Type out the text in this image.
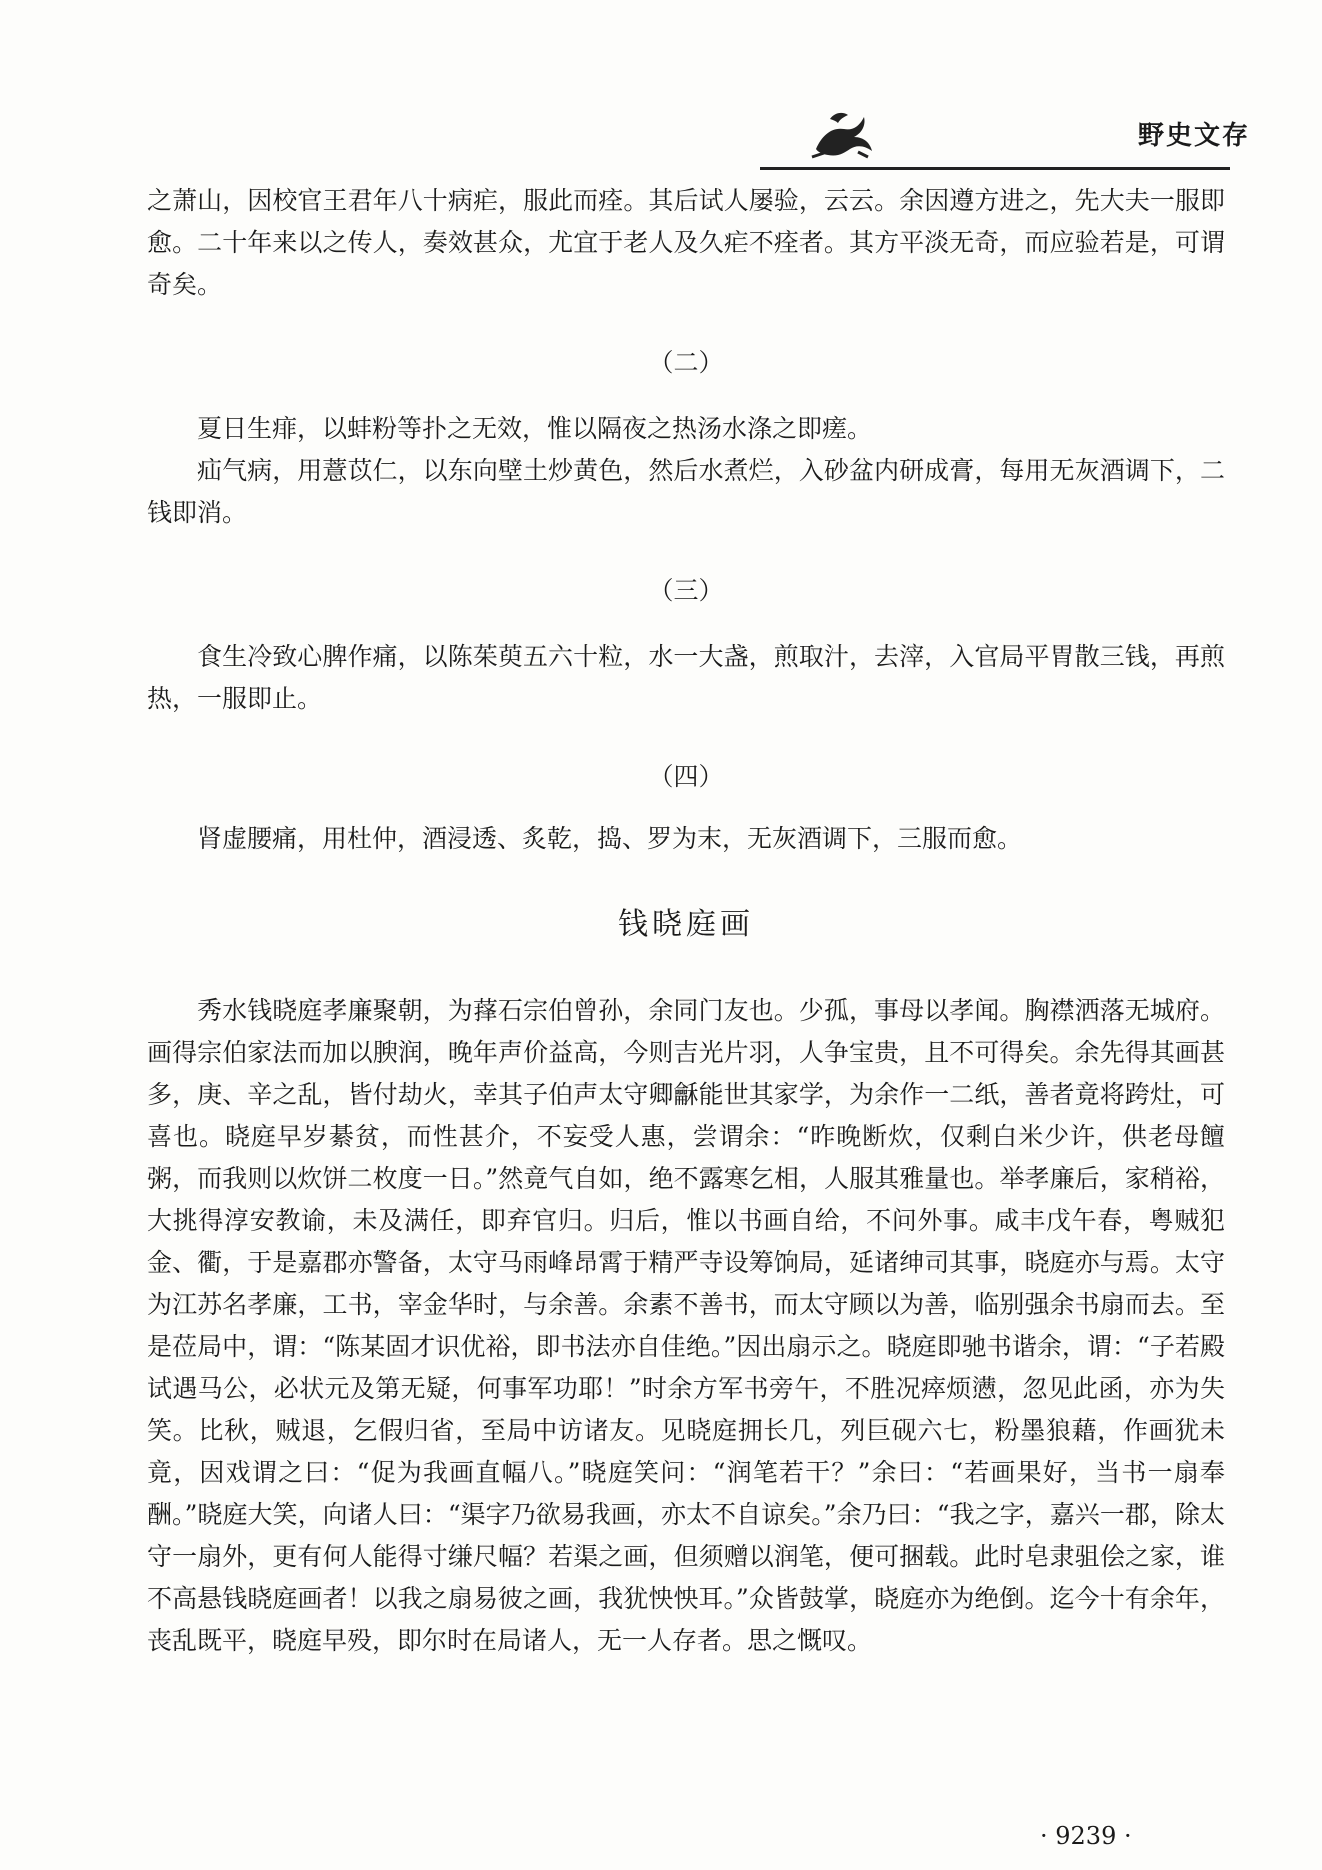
野史文存

之萧山，因校官王君年八十病疟，服此而痊。其后试人屡验，云云。余因遵方进之，先大夫一服即愈。二十年来以之传人，奏效甚众，尤宜于老人及久疟不痊者。其方平淡无奇，而应验若是，可谓奇矣。

（二）

夏日生痱，以蚌粉等扑之无效，惟以隔夜之热汤水涤之即瘥。

疝气病，用薏苡仁，以东向壁土炒黄色，然后水煮烂，入砂盆内研成膏，每用无灰酒调下，二钱即消。

（三）

食生冷致心脾作痛，以陈茱萸五六十粒，水一大盏，煎取汁，去滓，入官局平胃散三钱，再煎热，一服即止。

（四）

肾虚腰痛，用杜仲，酒浸透、炙乾，捣、罗为末，无灰酒调下，三服而愈。

钱晓庭画

秀水钱晓庭孝廉聚朝，为萚石宗伯曾孙，余同门友也。少孤，事母以孝闻。胸襟洒落无城府。画得宗伯家法而加以腴润，晚年声价益高，今则吉光片羽，人争宝贵，且不可得矣。余先得其画甚多，庚、辛之乱，皆付劫火，幸其子伯声太守卿龢能世其家学，为余作一二纸，善者竟将跨灶，可喜也。晓庭早岁綦贫，而性甚介，不妄受人惠，尝谓余：“昨晚断炊，仅剩白米少许，供老母饘粥，而我则以炊饼二枚度一日。”然竟气自如，绝不露寒乞相，人服其雅量也。举孝廉后，家稍裕，大挑得淳安教谕，未及满任，即弃官归。归后，惟以书画自给，不问外事。咸丰戊午春，粤贼犯金、衢，于是嘉郡亦警备，太守马雨峰昂霄于精严寺设筹饷局，延诸绅司其事，晓庭亦与焉。太守为江苏名孝廉，工书，宰金华时，与余善。余素不善书，而太守顾以为善，临别强余书扇而去。至是莅局中，谓：“陈某固才识优裕，即书法亦自佳绝。”因出扇示之。晓庭即驰书谐余，谓：“子若殿试遇马公，必状元及第无疑，何事军功耶！”时余方军书旁午，不胜况瘁烦懑，忽见此函，亦为失笑。比秋，贼退，乞假归省，至局中访诸友。见晓庭拥长几，列巨砚六七，粉墨狼藉，作画犹未竟，因戏谓之曰：“促为我画直幅八。”晓庭笑问：“润笔若干？”余曰：“若画果好，当书一扇奉酬。”晓庭大笑，向诸人曰：“渠字乃欲易我画，亦太不自谅矣。”余乃曰：“我之字，嘉兴一郡，除太守一扇外，更有何人能得寸缣尺幅？若渠之画，但须赠以润笔，便可捆载。此时皂隶驵侩之家，谁不高悬钱晓庭画者！以我之扇易彼之画，我犹怏怏耳。”众皆鼓掌，晓庭亦为绝倒。迄今十有余年，丧乱既平，晓庭早殁，即尔时在局诸人，无一人存者。思之慨叹。

· 9239 ·
